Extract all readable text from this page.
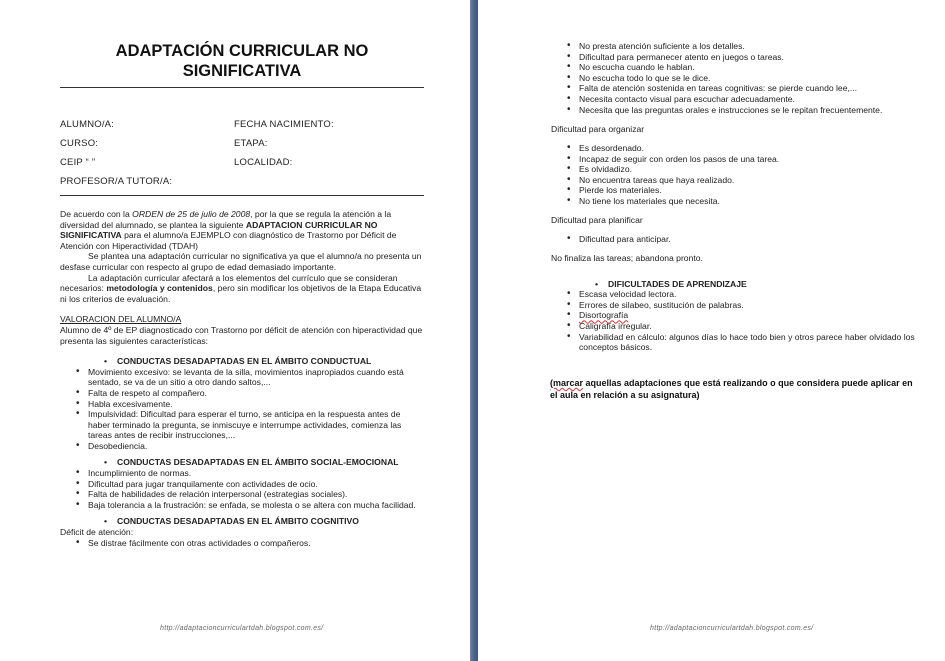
ADAPTACIÓN CURRICULAR NO SIGNIFICATIVA
ALUMNO/A:	FECHA NACIMIENTO:
CURSO:	ETAPA:
CEIP “ ”	LOCALIDAD:
PROFESOR/A TUTOR/A:

De acuerdo con la ORDEN de 25 de julio de 2008, por la que se regula la atención a la diversidad del alumnado, se plantea la siguiente ADAPTACION CURRICULAR NO SIGNIFICATIVA para el alumno/a EJEMPLO con diagnóstico de Trastorno por Déficit de Atención con Hiperactividad (TDAH)

Se plantea una adaptación curricular no significativa ya que el alumno/a no presenta un desfase curricular con respecto al grupo de edad demasiado importante.

La adaptación curricular afectará a los elementos del currículo que se consideran necesarios: metodología y contenidos, pero sin modificar los objetivos de la Etapa Educativa ni los criterios de evaluación.

VALORACION DEL ALUMNO/A

Alumno de 4º de EP diagnosticado con Trastorno por déficit de atención con hiperactividad que presenta las siguientes características:

• CONDUCTAS DESADAPTADAS EN EL ÁMBITO CONDUCTUAL
• Movimiento excesivo: se levanta de la silla, movimientos inapropiados cuando está sentado, se va de un sitio a otro dando saltos,...
• Falta de respeto al compañero.
• Habla excesivamente.
• Impulsividad: Dificultad para esperar el turno, se anticipa en la respuesta antes de haber terminado la pregunta, se inmiscuye e interrumpe actividades, comienza las tareas antes de recibir instrucciones,...
• Desobediencia.
• CONDUCTAS DESADAPTADAS EN EL ÁMBITO SOCIAL-EMOCIONAL
• Incumplimiento de normas.
• Dificultad para jugar tranquilamente con actividades de ocio.
• Falta de habilidades de relación interpersonal (estrategias sociales).
• Baja tolerancia a la frustración: se enfada, se molesta o se altera con mucha facilidad.
• CONDUCTAS DESADAPTADAS EN EL ÁMBITO COGNITIVO

Déficit de atención:

• Se distrae fácilmente con otras actividades o compañeros.
http://adaptacioncurriculartdah.blogspot.com.es/
• No presta atención suficiente a los detalles.
• Dificultad para permanecer atento en juegos o tareas.
• No escucha cuando le hablan.
• No escucha todo lo que se le dice.
• Falta de atención sostenida en tareas cognitivas: se pierde cuando lee,...
• Necesita contacto visual para escuchar adecuadamente.
• Necesita que las preguntas orales e instrucciones se le repitan frecuentemente.

Dificultad para organizar

• Es desordenado.
• Incapaz de seguir con orden los pasos de una tarea.
• Es olvidadizo.
• No encuentra tareas que haya realizado.
• Pierde los materiales.
• No tiene los materiales que necesita.

Dificultad para planificar

• Dificultad para anticipar.

No finaliza las tareas; abandona pronto.

• DIFICULTADES DE APRENDIZAJE
• Escasa velocidad lectora.
• Errores de silabeo, sustitución de palabras.
• Disortografía
• Caligrafía irregular.
• Variabilidad en cálculo: algunos días lo hace todo bien y otros parece haber olvidado los conceptos básicos.
(marcar aquellas adaptaciones que está realizando o que considera puede aplicar en el aula en relación a su asignatura)
http://adaptacioncurriculartdah.blogspot.com.es/
